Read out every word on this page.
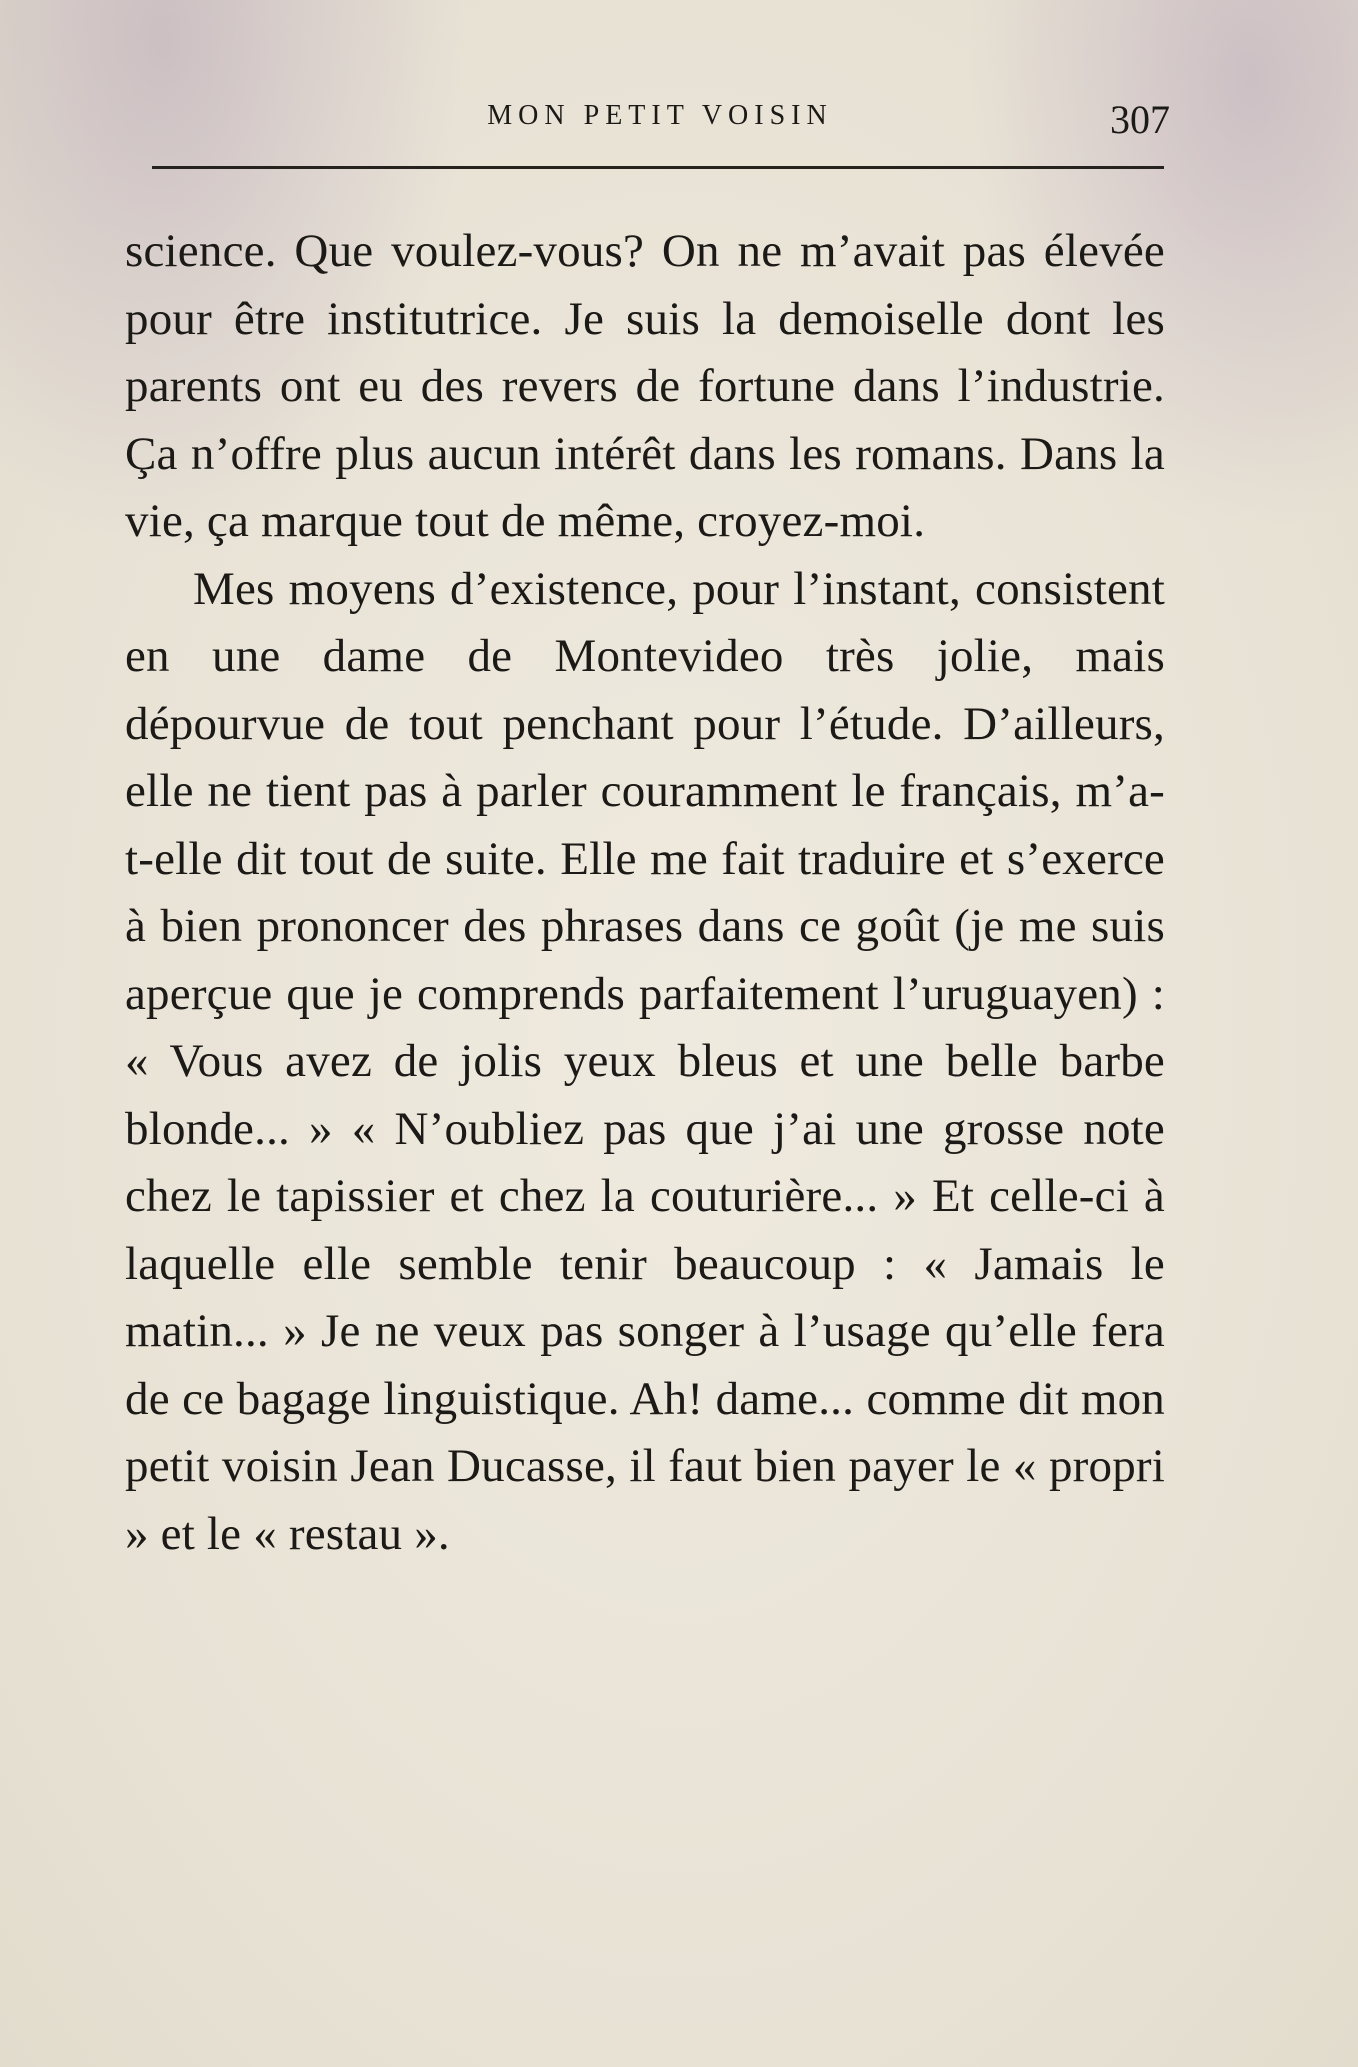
MON PETIT VOISIN	307

science. Que voulez-vous? On ne m’avait pas élevée pour être institutrice. Je suis la demoiselle dont les parents ont eu des revers de fortune dans l’industrie. Ça n’offre plus aucun intérêt dans les romans. Dans la vie, ça marque tout de même, croyez-moi.

Mes moyens d’existence, pour l’instant, consistent en une dame de Montevideo très jolie, mais dépourvue de tout penchant pour l’étude. D’ailleurs, elle ne tient pas à parler couramment le français, m’a-t-elle dit tout de suite. Elle me fait traduire et s’exerce à bien prononcer des phrases dans ce goût (je me suis aperçue que je comprends parfaitement l’uruguayen) : « Vous avez de jolis yeux bleus et une belle barbe blonde... » « N’oubliez pas que j’ai une grosse note chez le tapissier et chez la couturière... » Et celle-ci à laquelle elle semble tenir beaucoup : « Jamais le matin... » Je ne veux pas songer à l’usage qu’elle fera de ce bagage linguistique. Ah! dame... comme dit mon petit voisin Jean Ducasse, il faut bien payer le « propri » et le « restau ».
